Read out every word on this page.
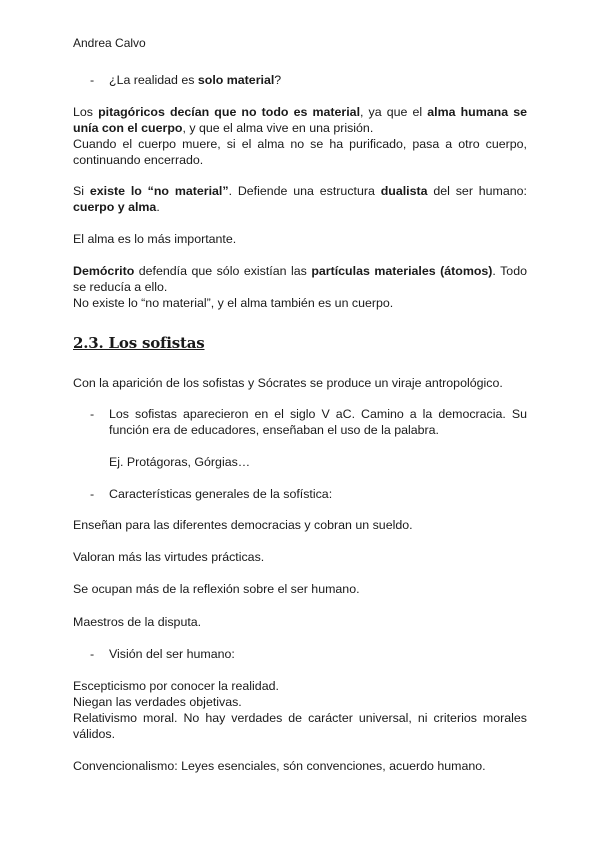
Andrea Calvo
- ¿La realidad es solo material?
Los pitagóricos decían que no todo es material, ya que el alma humana se unía con el cuerpo, y que el alma vive en una prisión.
Cuando el cuerpo muere, si el alma no se ha purificado, pasa a otro cuerpo, continuando encerrado.
Si existe lo “no material”. Defiende una estructura dualista del ser humano: cuerpo y alma.
El alma es lo más importante.
Demócrito defendía que sólo existían las partículas materiales (átomos). Todo se reducía a ello.
No existe lo “no material”, y el alma también es un cuerpo.
2.3. Los sofistas
Con la aparición de los sofistas y Sócrates se produce un viraje antropológico.
- Los sofistas aparecieron en el siglo V aC. Camino a la democracia. Su función era de educadores, enseñaban el uso de la palabra.
Ej. Protágoras, Górgias…
- Características generales de la sofística:
Enseñan para las diferentes democracias y cobran un sueldo.
Valoran más las virtudes prácticas.
Se ocupan más de la reflexión sobre el ser humano.
Maestros de la disputa.
- Visión del ser humano:
Escepticismo por conocer la realidad.
Niegan las verdades objetivas.
Relativismo moral. No hay verdades de carácter universal, ni criterios morales válidos.
Convencionalismo: Leyes esenciales, són convenciones, acuerdo humano.
